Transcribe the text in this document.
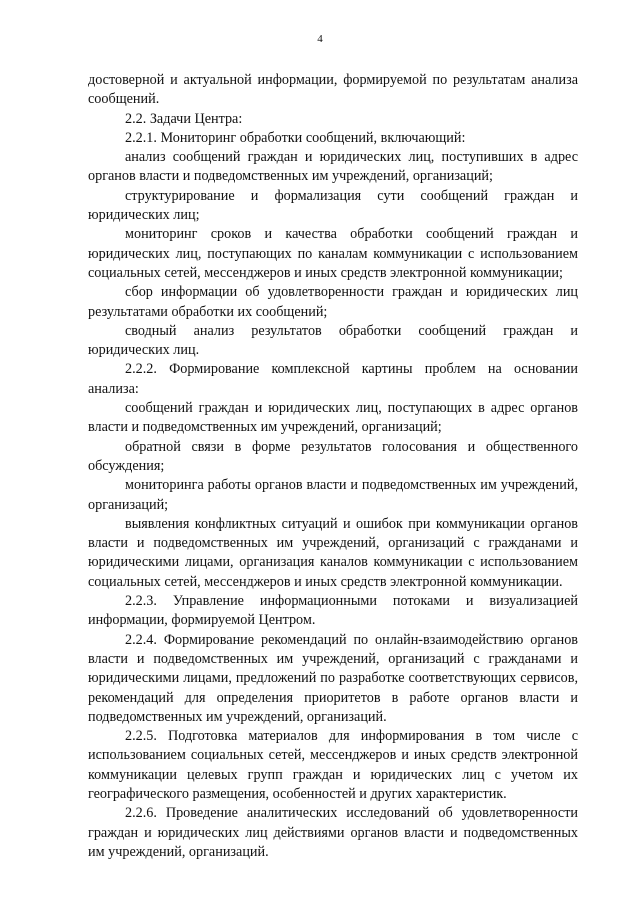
4

достоверной и актуальной информации, формируемой по результатам анализа сообщений.

2.2. Задачи Центра:

2.2.1. Мониторинг обработки сообщений, включающий:

анализ сообщений граждан и юридических лиц, поступивших в адрес органов власти и подведомственных им учреждений, организаций;

структурирование и формализация сути сообщений граждан и юридических лиц;

мониторинг сроков и качества обработки сообщений граждан и юридических лиц, поступающих по каналам коммуникации с использованием социальных сетей, мессенджеров и иных средств электронной коммуникации;

сбор информации об удовлетворенности граждан и юридических лиц результатами обработки их сообщений;

сводный анализ результатов обработки сообщений граждан и юридических лиц.

2.2.2. Формирование комплексной картины проблем на основании анализа:

сообщений граждан и юридических лиц, поступающих в адрес органов власти и подведомственных им учреждений, организаций;

обратной связи в форме результатов голосования и общественного обсуждения;

мониторинга работы органов власти и подведомственных им учреждений, организаций;

выявления конфликтных ситуаций и ошибок при коммуникации органов власти и подведомственных им учреждений, организаций с гражданами и юридическими лицами, организация каналов коммуникации с использованием социальных сетей, мессенджеров и иных средств электронной коммуникации.

2.2.3. Управление информационными потоками и визуализацией информации, формируемой Центром.

2.2.4. Формирование рекомендаций по онлайн-взаимодействию органов власти и подведомственных им учреждений, организаций с гражданами и юридическими лицами, предложений по разработке соответствующих сервисов, рекомендаций для определения приоритетов в работе органов власти и подведомственных им учреждений, организаций.

2.2.5. Подготовка материалов для информирования в том числе с использованием социальных сетей, мессенджеров и иных средств электронной коммуникации целевых групп граждан и юридических лиц с учетом их географического размещения, особенностей и других характеристик.

2.2.6. Проведение аналитических исследований об удовлетворенности граждан и юридических лиц действиями органов власти и подведомственных им учреждений, организаций.
